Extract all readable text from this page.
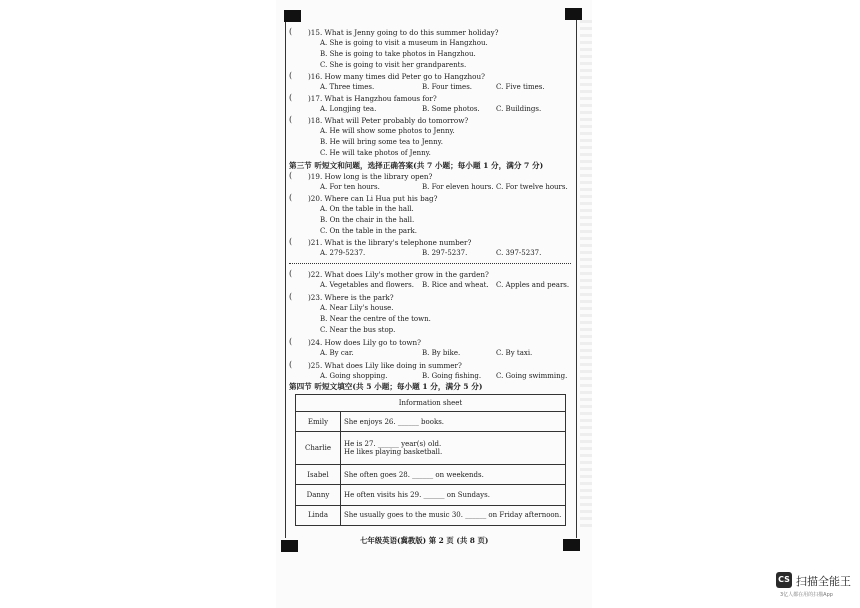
( )15. What is Jenny going to do this summer holiday?
A. She is going to visit a museum in Hangzhou.
B. She is going to take photos in Hangzhou.
C. She is going to visit her grandparents.
( )16. How many times did Peter go to Hangzhou?
A. Three times.	B. Four times.	C. Five times.
( )17. What is Hangzhou famous for?
A. Longjing tea.	B. Some photos. C. Buildings.
( )18. What will Peter probably do tomorrow?
A. He will show some photos to Jenny.
B. He will bring some tea to Jenny.
C. He will take photos of Jenny.
( )19. How long is the library open?
A. For ten hours.	B. For eleven hours. C. For twelve hours.
( )20. Where can Li Hua put his bag?
A. On the table in the hall.
B. On the chair in the hall.
C. On the table in the park.
( )21. What is the library's telephone number?
A. 279-5237.	B. 297-5237.	C. 397-5237.
( )22. What does Lily's mother grow in the garden?
A. Vegetables and flowers. B. Rice and wheat. C. Apples and pears.
( )23. Where is the park?
A. Near Lily's house.
B. Near the centre of the town.
C. Near the bus stop.
( )24. How does Lily go to town?
A. By car.	B. By bike.	C. By taxi.
( )25. What does Lily like doing in summer?
A. Going shopping.	B. Going fishing. C. Going swimming.
第三节 听短文和问题，选择正确答案(共 7 小题；每小题 1 分，满分 7 分)
第四节 听短文填空(共 5 小题；每小题 1 分，满分 5 分)
Information sheet	
Emily	She enjoys 26. ______ books.
Charlie	He is 27. ______ year(s) old.
He likes playing basketball.

Isabel	She often goes 28. ______ on weekends.
Danny	He often visits his 29. ______ on Sundays.
Linda	She usually goes to the music 30. ______ on Friday afternoon.
七年级英语(冀教版) 第 2 页 (共 8 页)
CS 扫描全能王
3亿人都在用的扫描App
